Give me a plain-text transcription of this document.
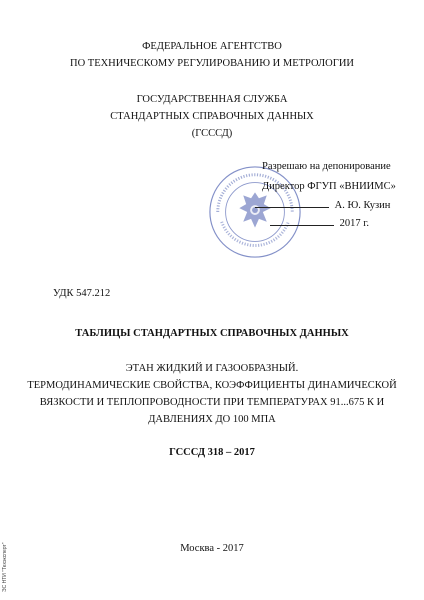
ФЕДЕРАЛЬНОЕ АГЕНТСТВО
ПО ТЕХНИЧЕСКОМУ РЕГУЛИРОВАНИЮ И МЕТРОЛОГИИ
ГОСУДАРСТВЕННАЯ СЛУЖБА
СТАНДАРТНЫХ СПРАВОЧНЫХ ДАННЫХ
(ГСССД)
Разрешаю на депонирование
Директор ФГУП «ВНИИМС»
А. Ю. Кузин
2017 г.
УДК 547.212
ТАБЛИЦЫ СТАНДАРТНЫХ СПРАВОЧНЫХ ДАННЫХ
ЭТАН ЖИДКИЙ И ГАЗООБРАЗНЫЙ.
ТЕРМОДИНАМИЧЕСКИЕ СВОЙСТВА, КОЭФФИЦИЕНТЫ ДИНАМИЧЕСКОЙ
ВЯЗКОСТИ И ТЕПЛОПРОВОДНОСТИ ПРИ ТЕМПЕРАТУРАХ 91...675 К И
ДАВЛЕНИЯХ ДО 100 МПА
ГСССД 318 – 2017
Москва - 2017
ЭС НТИ "Техэксперт"
